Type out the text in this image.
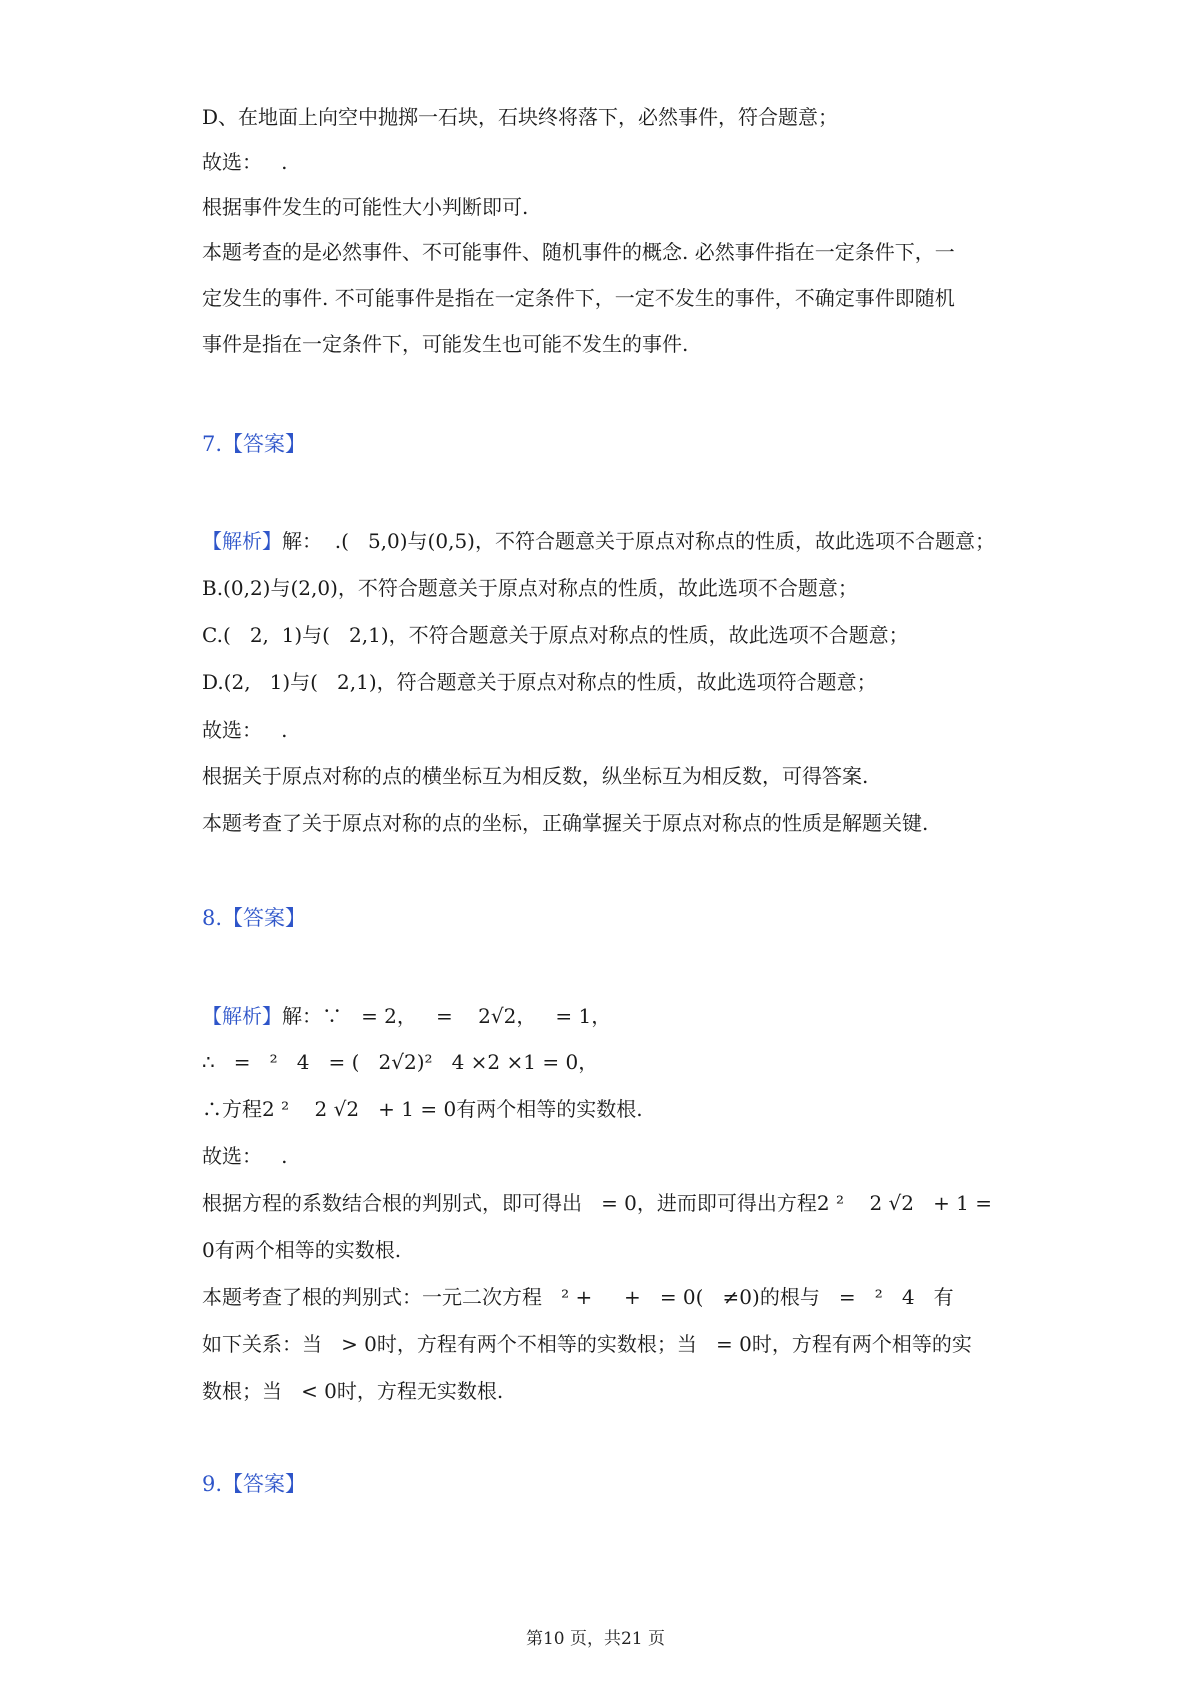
D、在地面上向空中抛掷一石块，石块终将落下，必然事件，符合题意；
故选：   .
根据事件发生的可能性大小判断即可.
本题考查的是必然事件、不可能事件、随机事件的概念. 必然事件指在一定条件下，一
定发生的事件. 不可能事件是指在一定条件下，一定不发生的事件，不确定事件即随机
事件是指在一定条件下，可能发生也可能不发生的事件.
7.【答案】
【解析】解：  .(   5,0)与(0,5)，不符合题意关于原点对称点的性质，故此选项不合题意；
B.(0,2)与(2,0)，不符合题意关于原点对称点的性质，故此选项不合题意；
C.(   2,  1)与(   2,1)，不符合题意关于原点对称点的性质，故此选项不合题意；
D.(2,   1)与(   2,1)，符合题意关于原点对称点的性质，故此选项符合题意；
故选：   .
根据关于原点对称的点的横坐标互为相反数，纵坐标互为相反数，可得答案.
本题考查了关于原点对称的点的坐标，正确掌握关于原点对称点的性质是解题关键.
8.【答案】
【解析】解：∵   = 2，   =    2√2，   = 1，
∴   =   ²   4   = (   2√2)²   4 ×2 ×1 = 0，
∴方程2 ²    2 √2   + 1 = 0有两个相等的实数根.
故选：   .
根据方程的系数结合根的判别式，即可得出   = 0，进而即可得出方程2 ²    2 √2   + 1 =
0有两个相等的实数根.
本题考查了根的判别式：一元二次方程   ² +     +   = 0(   ≠0)的根与   =   ²   4   有
如下关系：当   > 0时，方程有两个不相等的实数根；当   = 0时，方程有两个相等的实
数根；当   < 0时，方程无实数根.
9.【答案】
第10 页，共21 页
